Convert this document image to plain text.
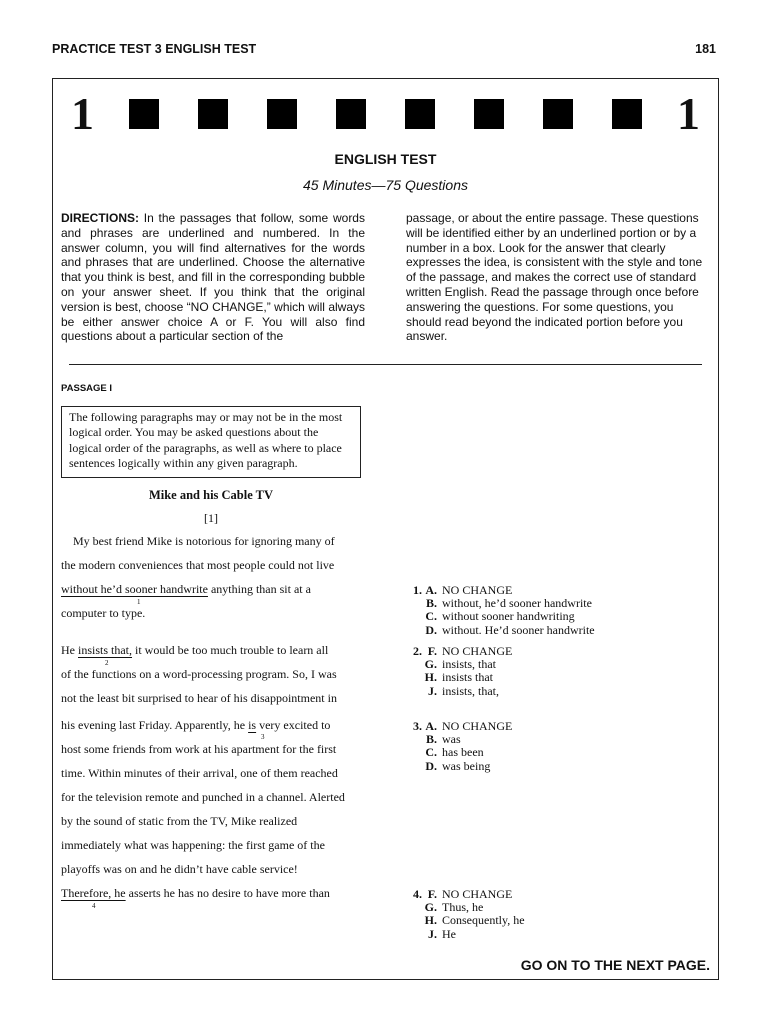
PRACTICE TEST 3 ENGLISH TEST	181
1	1
ENGLISH TEST
45 Minutes—75 Questions
DIRECTIONS: In the passages that follow, some words and phrases are underlined and numbered. In the answer column, you will find alternatives for the words and phrases that are underlined. Choose the alternative that you think is best, and fill in the corresponding bubble on your answer sheet. If you think that the original version is best, choose “NO CHANGE,” which will always be either answer choice A or F. You will also find questions about a particular section of the
passage, or about the entire passage. These questions will be identified either by an underlined portion or by a number in a box. Look for the answer that clearly expresses the idea, is consistent with the style and tone of the passage, and makes the correct use of standard written English. Read the passage through once before answering the questions. For some questions, you should read beyond the indicated portion before you answer.
PASSAGE I
The following paragraphs may or may not be in the most logical order. You may be asked questions about the logical order of the paragraphs, as well as where to place sentences logically within any given paragraph.
Mike and his Cable TV
[1]
My best friend Mike is notorious for ignoring many of
the modern conveniences that most people could not live
without he’d sooner handwrite anything than sit at a
1
computer to type.
He insists that, it would be too much trouble to learn all
2
of the functions on a word-processing program. So, I was
not the least bit surprised to hear of his disappointment in
his evening last Friday. Apparently, he is very excited to
3
host some friends from work at his apartment for the first
time. Within minutes of their arrival, one of them reached
for the television remote and punched in a channel. Alerted
by the sound of static from the TV, Mike realized
immediately what was happening: the first game of the
playoffs was on and he didn’t have cable service!
Therefore, he asserts he has no desire to have more than
4
1. A. NO CHANGE
B. without, he’d sooner handwrite
C. without sooner handwriting
D. without. He’d sooner handwrite
2. F. NO CHANGE
G. insists, that
H. insists that
J. insists, that,
3. A. NO CHANGE
B. was
C. has been
D. was being
4. F. NO CHANGE
G. Thus, he
H. Consequently, he
J. He
GO ON TO THE NEXT PAGE.
